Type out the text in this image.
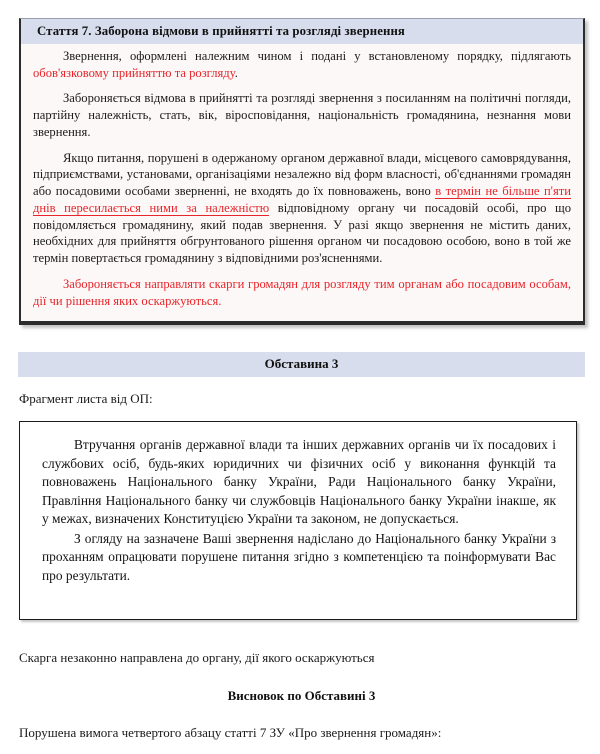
Стаття 7. Заборона відмови в прийнятті та розгляді звернення

Звернення, оформлені належним чином і подані у встановленому порядку, підлягають обов'язковому прийняттю та розгляду.

Забороняється відмова в прийнятті та розгляді звернення з посиланням на політичні погляди, партійну належність, стать, вік, віросповідання, національність громадянина, незнання мови звернення.

Якщо питання, порушені в одержаному органом державної влади, місцевого самоврядування, підприємствами, установами, організаціями незалежно від форм власності, об'єднаннями громадян або посадовими особами зверненні, не входять до їх повноважень, воно в термін не більше п'яти днів пересилається ними за належністю відповідному органу чи посадовій особі, про що повідомляється громадянину, який подав звернення. У разі якщо звернення не містить даних, необхідних для прийняття обгрунтованого рішення органом чи посадовою особою, воно в той же термін повертається громадянину з відповідними роз'ясненнями.

Забороняється направляти скарги громадян для розгляду тим органам або посадовим особам, дії чи рішення яких оскаржуються.

Обставина 3
Фрагмент листа від ОП:

Втручання органів державної влади та інших державних органів чи їх посадових і службових осіб, будь-яких юридичних чи фізичних осіб у виконання функцій та повноважень Національного банку України, Ради Національного банку України, Правління Національного банку чи службовців Національного банку України інакше, як у межах, визначених Конституцією України та законом, не допускається.

З огляду на зазначене Ваші звернення надіслано до Національного банку України з проханням опрацювати порушене питання згідно з компетенцією та поінформувати Вас про результати.

Скарга незаконно направлена до органу, дії якого оскаржуються
Висновок по Обставині 3
Порушена вимога четвертого абзацу статті 7 ЗУ «Про звернення громадян»:
